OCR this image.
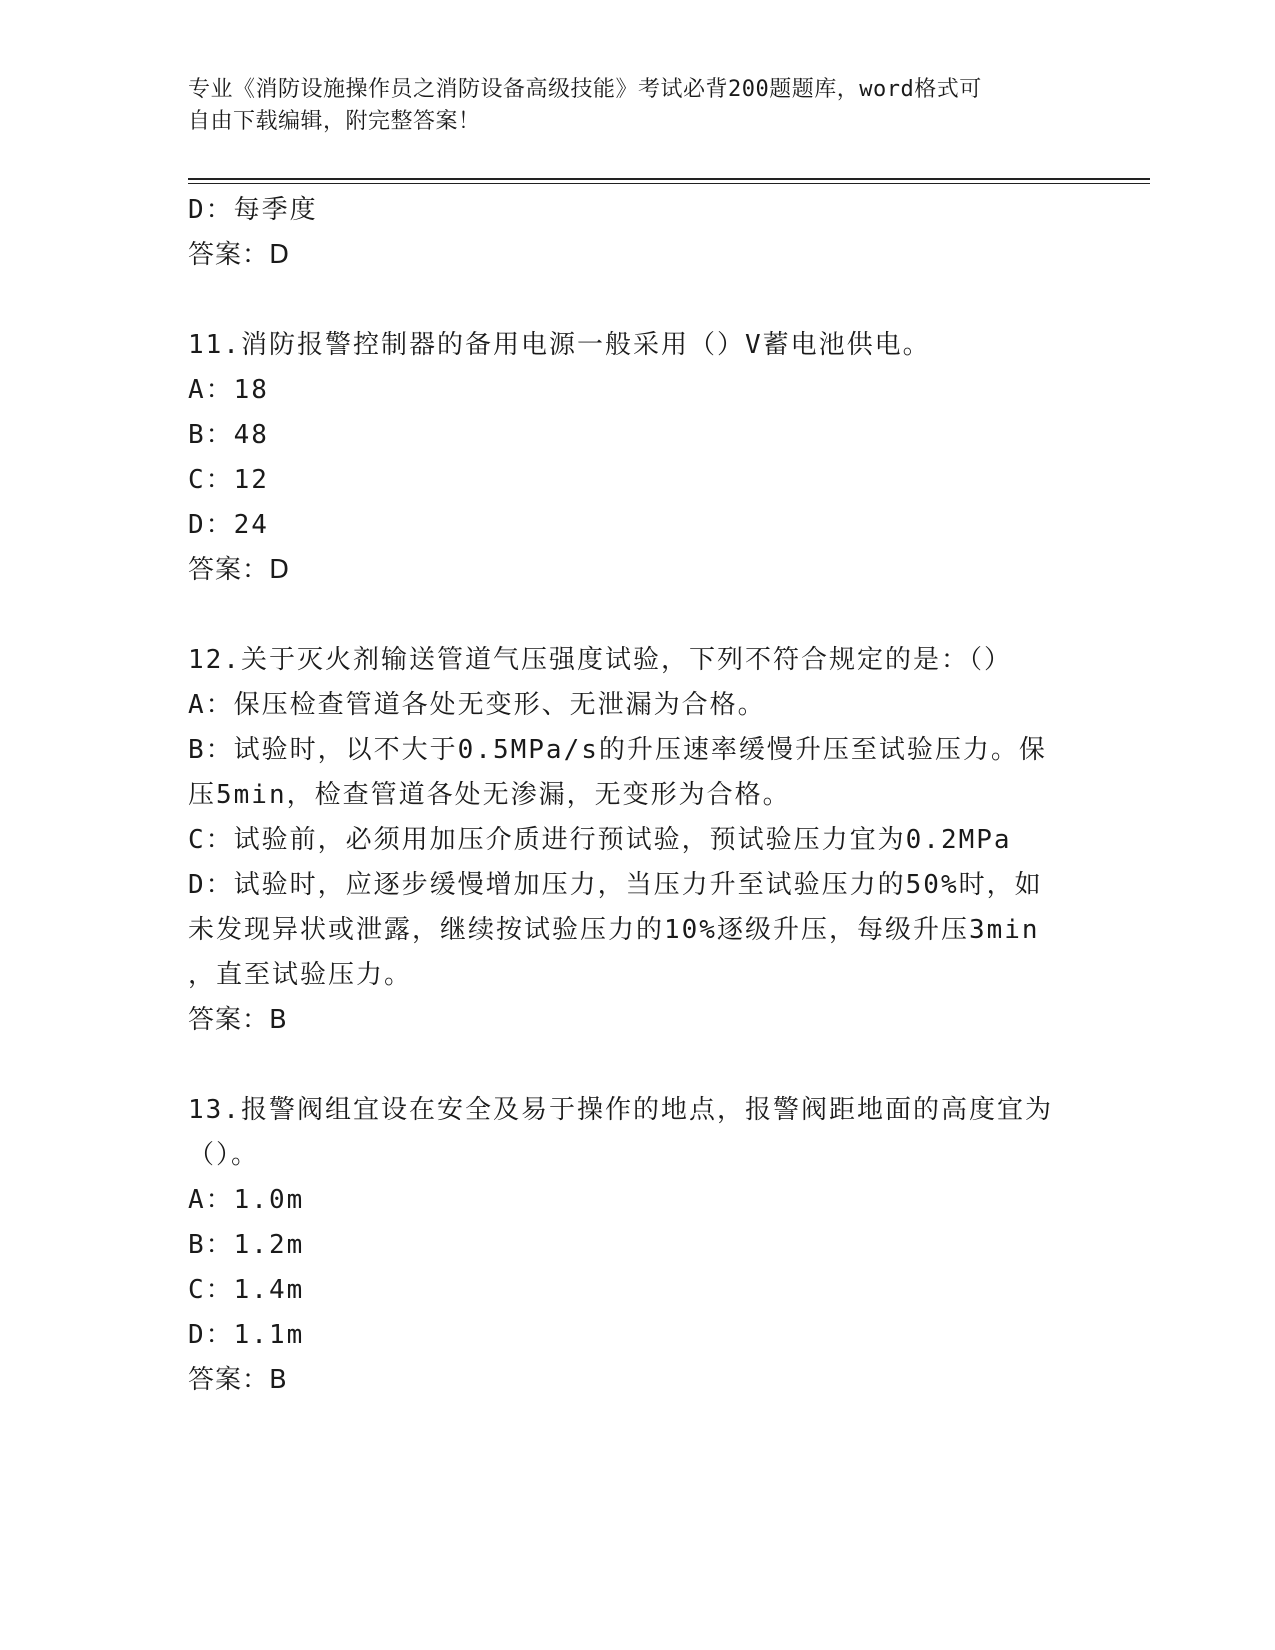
专业《消防设施操作员之消防设备高级技能》考试必背200题题库，word格式可
自由下载编辑，附完整答案！

D：每季度

答案：D

11.消防报警控制器的备用电源一般采用（）V蓄电池供电。

A：18

B：48

C：12

D：24

答案：D

12.关于灭火剂输送管道气压强度试验，下列不符合规定的是：（）

A：保压检查管道各处无变形、无泄漏为合格。

B：试验时，以不大于0.5MPa/s的升压速率缓慢升压至试验压力。保

压5min，检查管道各处无渗漏，无变形为合格。

C：试验前，必须用加压介质进行预试验，预试验压力宜为0.2MPa

D：试验时，应逐步缓慢增加压力，当压力升至试验压力的50%时，如

未发现异状或泄露，继续按试验压力的10%逐级升压，每级升压3min

，直至试验压力。

答案：B

13.报警阀组宜设在安全及易于操作的地点，报警阀距地面的高度宜为

（）。

A：1.0m

B：1.2m

C：1.4m

D：1.1m

答案：B
